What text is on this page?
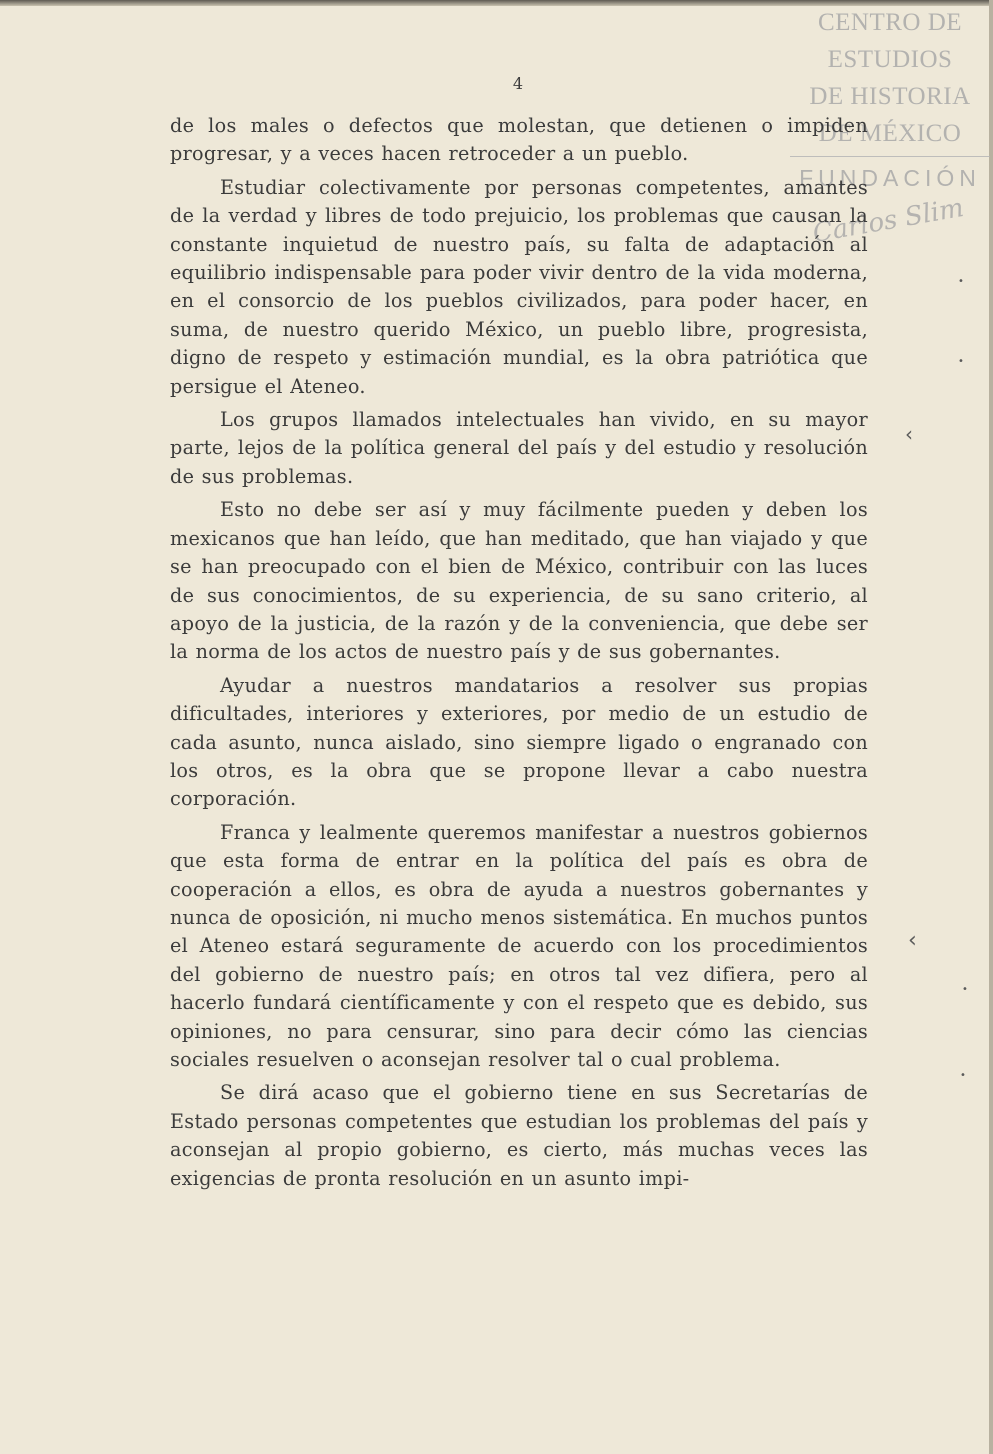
CENTRO DE
ESTUDIOS
DE HISTORIA
DE MÉXICO
FUNDACIÓN
Carlos Slim
4

de los males o defectos que molestan, que detienen o impiden progresar, y a veces hacen retroceder a un pueblo.

Estudiar colectivamente por personas competentes, amantes de la verdad y libres de todo prejuicio, los problemas que causan la constante inquietud de nuestro país, su falta de adaptación al equilibrio indispensable para poder vivir dentro de la vida moderna, en el consorcio de los pueblos civilizados, para poder hacer, en suma, de nuestro querido México, un pueblo libre, progresista, digno de respeto y estimación mundial, es la obra patriótica que persigue el Ateneo.

Los grupos llamados intelectuales han vivido, en su mayor parte, lejos de la política general del país y del estudio y resolución de sus problemas.

Esto no debe ser así y muy fácilmente pueden y deben los mexicanos que han leído, que han meditado, que han viajado y que se han preocupado con el bien de México, contribuir con las luces de sus conocimientos, de su experiencia, de su sano criterio, al apoyo de la justicia, de la razón y de la conveniencia, que debe ser la norma de los actos de nuestro país y de sus gobernantes.

Ayudar a nuestros mandatarios a resolver sus propias dificultades, interiores y exteriores, por medio de un estudio de cada asunto, nunca aislado, sino siempre ligado o engranado con los otros, es la obra que se propone llevar a cabo nuestra corporación.

Franca y lealmente queremos manifestar a nuestros gobiernos que esta forma de entrar en la política del país es obra de cooperación a ellos, es obra de ayuda a nuestros gobernantes y nunca de oposición, ni mucho menos sistemática. En muchos puntos el Ateneo estará seguramente de acuerdo con los procedimientos del gobierno de nuestro país; en otros tal vez difiera, pero al hacerlo fundará científicamente y con el respeto que es debido, sus opiniones, no para censurar, sino para decir cómo las ciencias sociales resuelven o aconsejan resolver tal o cual problema.

Se dirá acaso que el gobierno tiene en sus Secretarías de Estado personas competentes que estudian los problemas del país y aconsejan al propio gobierno, es cierto, más muchas veces las exigencias de pronta resolución en un asunto impi-

‹
‹
•
•
•
•
